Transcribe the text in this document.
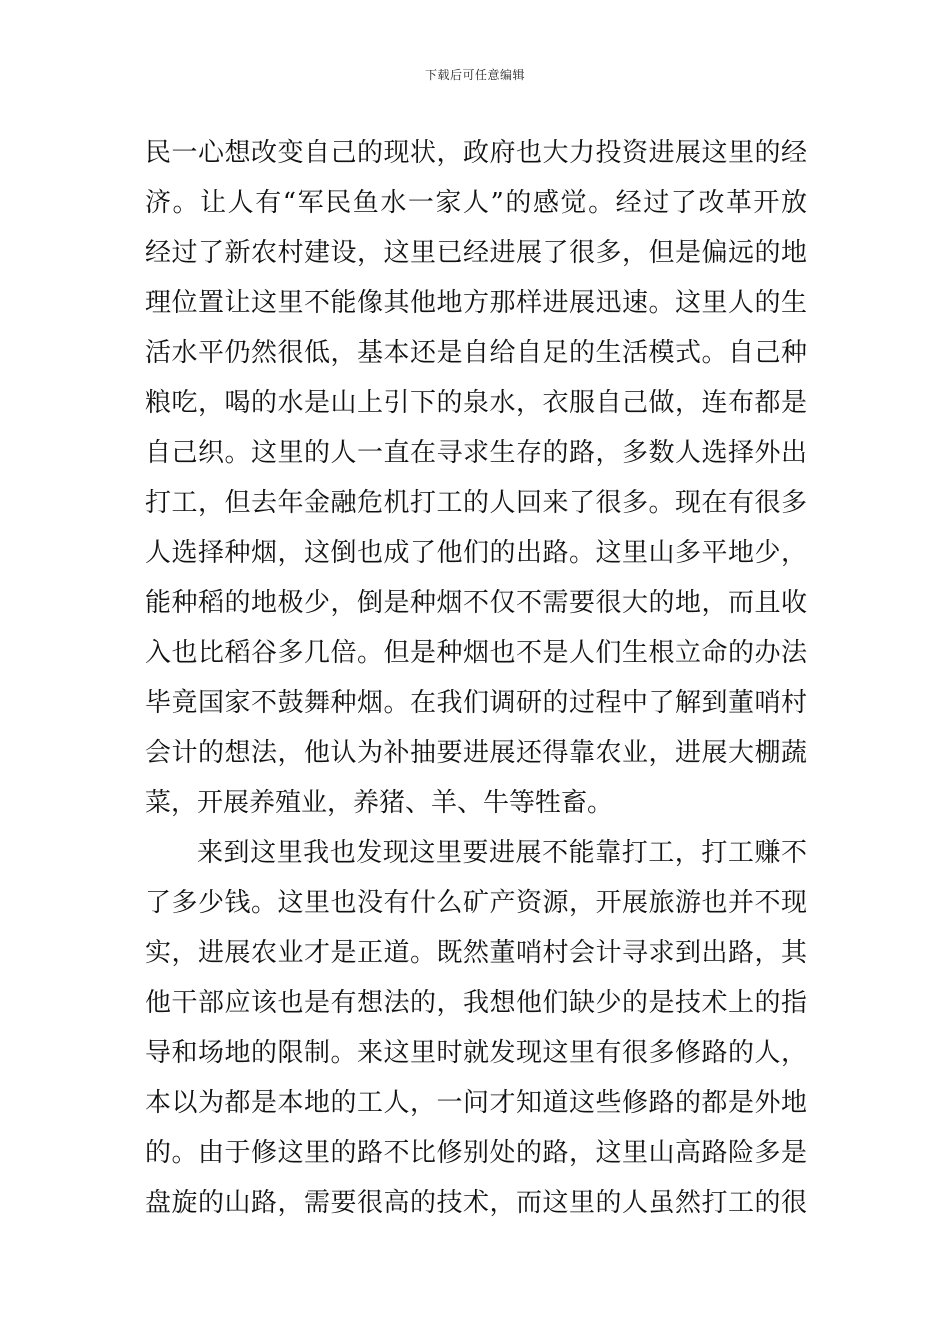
下载后可任意编辑
民一心想改变自己的现状，政府也大力投资进展这里的经
济。让人有“军民鱼水一家人”的感觉。经过了改革开放
经过了新农村建设，这里已经进展了很多，但是偏远的地
理位置让这里不能像其他地方那样进展迅速。这里人的生
活水平仍然很低，基本还是自给自足的生活模式。自己种
粮吃，喝的水是山上引下的泉水，衣服自己做，连布都是
自己织。这里的人一直在寻求生存的路，多数人选择外出
打工，但去年金融危机打工的人回来了很多。现在有很多
人选择种烟，这倒也成了他们的出路。这里山多平地少，
能种稻的地极少，倒是种烟不仅不需要很大的地，而且收
入也比稻谷多几倍。但是种烟也不是人们生根立命的办法
毕竟国家不鼓舞种烟。在我们调研的过程中了解到董哨村
会计的想法，他认为补抽要进展还得靠农业，进展大棚蔬
菜，开展养殖业，养猪、羊、牛等牲畜。
来到这里我也发现这里要进展不能靠打工，打工赚不
了多少钱。这里也没有什么矿产资源，开展旅游也并不现
实，进展农业才是正道。既然董哨村会计寻求到出路，其
他干部应该也是有想法的，我想他们缺少的是技术上的指
导和场地的限制。来这里时就发现这里有很多修路的人，
本以为都是本地的工人，一问才知道这些修路的都是外地
的。由于修这里的路不比修别处的路，这里山高路险多是
盘旋的山路，需要很高的技术，而这里的人虽然打工的很
